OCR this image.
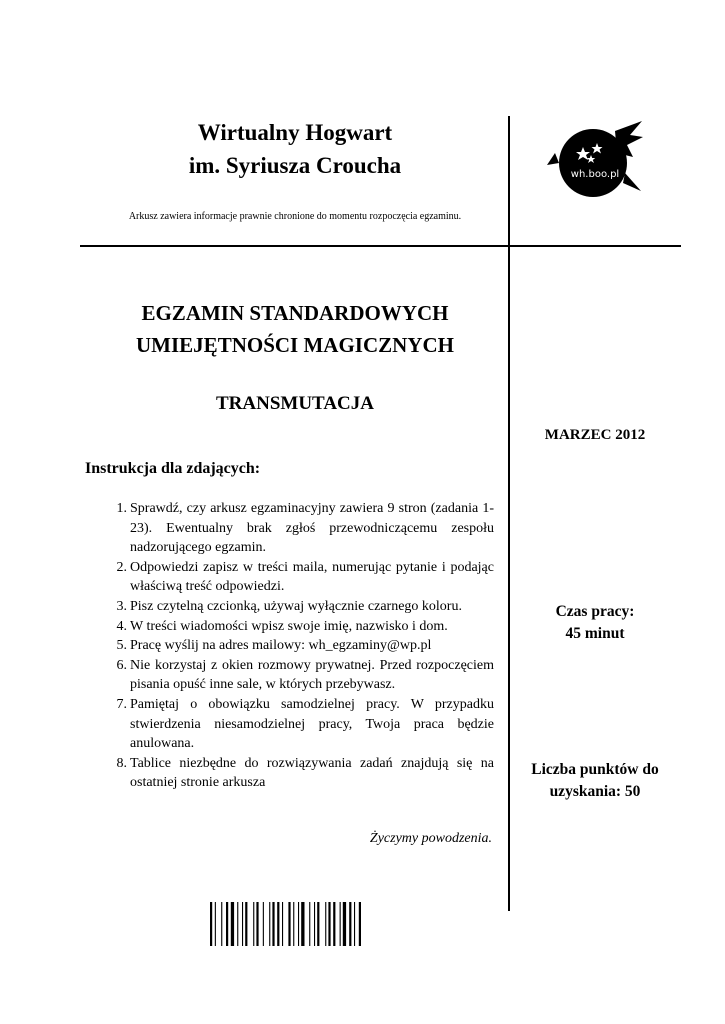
Wirtualny Hogwart
im. Syriusza Croucha	wh.boo.pl
Arkusz zawiera informacje prawnie chronione do momentu rozpoczęcia egzaminu.
EGZAMIN STANDARDOWYCH
UMIEJĘTNOŚCI MAGICZNYCH
TRANSMUTACJA
MARZEC 2012
Instrukcja dla zdających:
1. Sprawdź, czy arkusz egzaminacyjny zawiera 9 stron (zadania 1- 23). Ewentualny brak zgłoś przewodniczącemu zespołu nadzorującego egzamin.
2. Odpowiedzi zapisz w treści maila, numerując pytanie i podając właściwą treść odpowiedzi.
3. Pisz czytelną czcionką, używaj wyłącznie czarnego koloru.
4. W treści wiadomości wpisz swoje imię, nazwisko i dom.
5. Pracę wyślij na adres mailowy: wh_egzaminy@wp.pl
6. Nie korzystaj z okien rozmowy prywatnej. Przed rozpoczęciem pisania opuść inne sale, w których przebywasz.
7. Pamiętaj o obowiązku samodzielnej pracy. W przypadku stwierdzenia niesamodzielnej pracy, Twoja praca będzie anulowana.
8. Tablice niezbędne do rozwiązywania zadań znajdują się na ostatniej stronie arkusza
Czas pracy:
45 minut
Liczba punktów do
uzyskania: 50
Życzymy powodzenia.
